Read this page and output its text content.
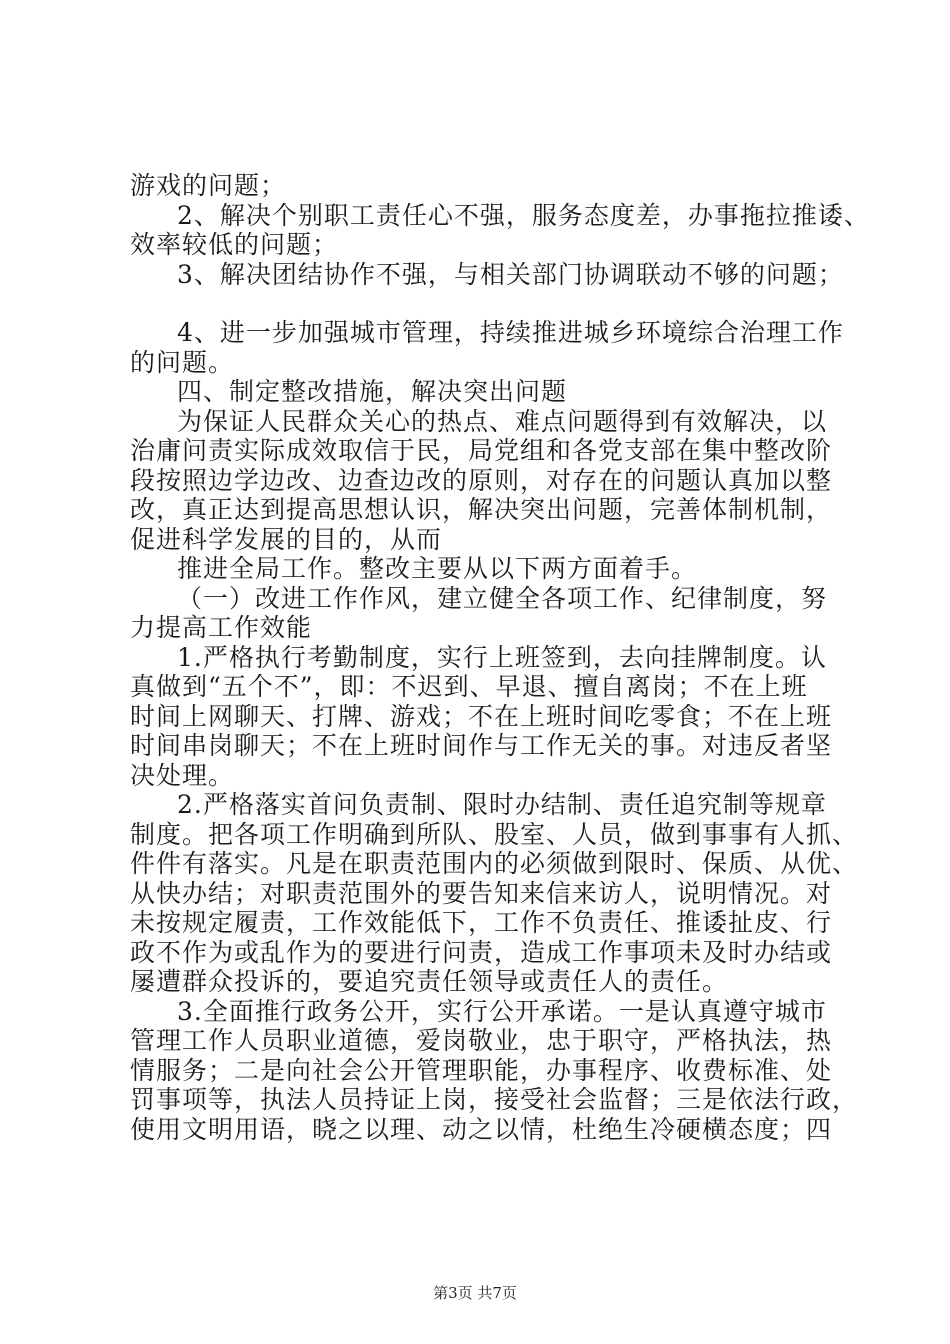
游戏的问题；
2、解决个别职工责任心不强，服务态度差，办事拖拉推诿、
效率较低的问题；
3、解决团结协作不强，与相关部门协调联动不够的问题；
4、进一步加强城市管理，持续推进城乡环境综合治理工作
的问题。
四、制定整改措施，解决突出问题
为保证人民群众关心的热点、难点问题得到有效解决，以
治庸问责实际成效取信于民，局党组和各党支部在集中整改阶
段按照边学边改、边查边改的原则，对存在的问题认真加以整
改，真正达到提高思想认识，解决突出问题，完善体制机制，
促进科学发展的目的，从而
推进全局工作。整改主要从以下两方面着手。
（一）改进工作作风，建立健全各项工作、纪律制度，努
力提高工作效能
1.严格执行考勤制度，实行上班签到，去向挂牌制度。认
真做到“五个不”，即：不迟到、早退、擅自离岗；不在上班
时间上网聊天、打牌、游戏；不在上班时间吃零食；不在上班
时间串岗聊天；不在上班时间作与工作无关的事。对违反者坚
决处理。
2.严格落实首问负责制、限时办结制、责任追究制等规章
制度。把各项工作明确到所队、股室、人员，做到事事有人抓、
件件有落实。凡是在职责范围内的必须做到限时、保质、从优、
从快办结；对职责范围外的要告知来信来访人，说明情况。对
未按规定履责，工作效能低下，工作不负责任、推诿扯皮、行
政不作为或乱作为的要进行问责，造成工作事项未及时办结或
屡遭群众投诉的，要追究责任领导或责任人的责任。
3.全面推行政务公开，实行公开承诺。一是认真遵守城市
管理工作人员职业道德，爱岗敬业，忠于职守，严格执法，热
情服务；二是向社会公开管理职能，办事程序、收费标准、处
罚事项等，执法人员持证上岗，接受社会监督；三是依法行政，
使用文明用语，晓之以理、动之以情，杜绝生冷硬横态度；四
第3页 共7页
